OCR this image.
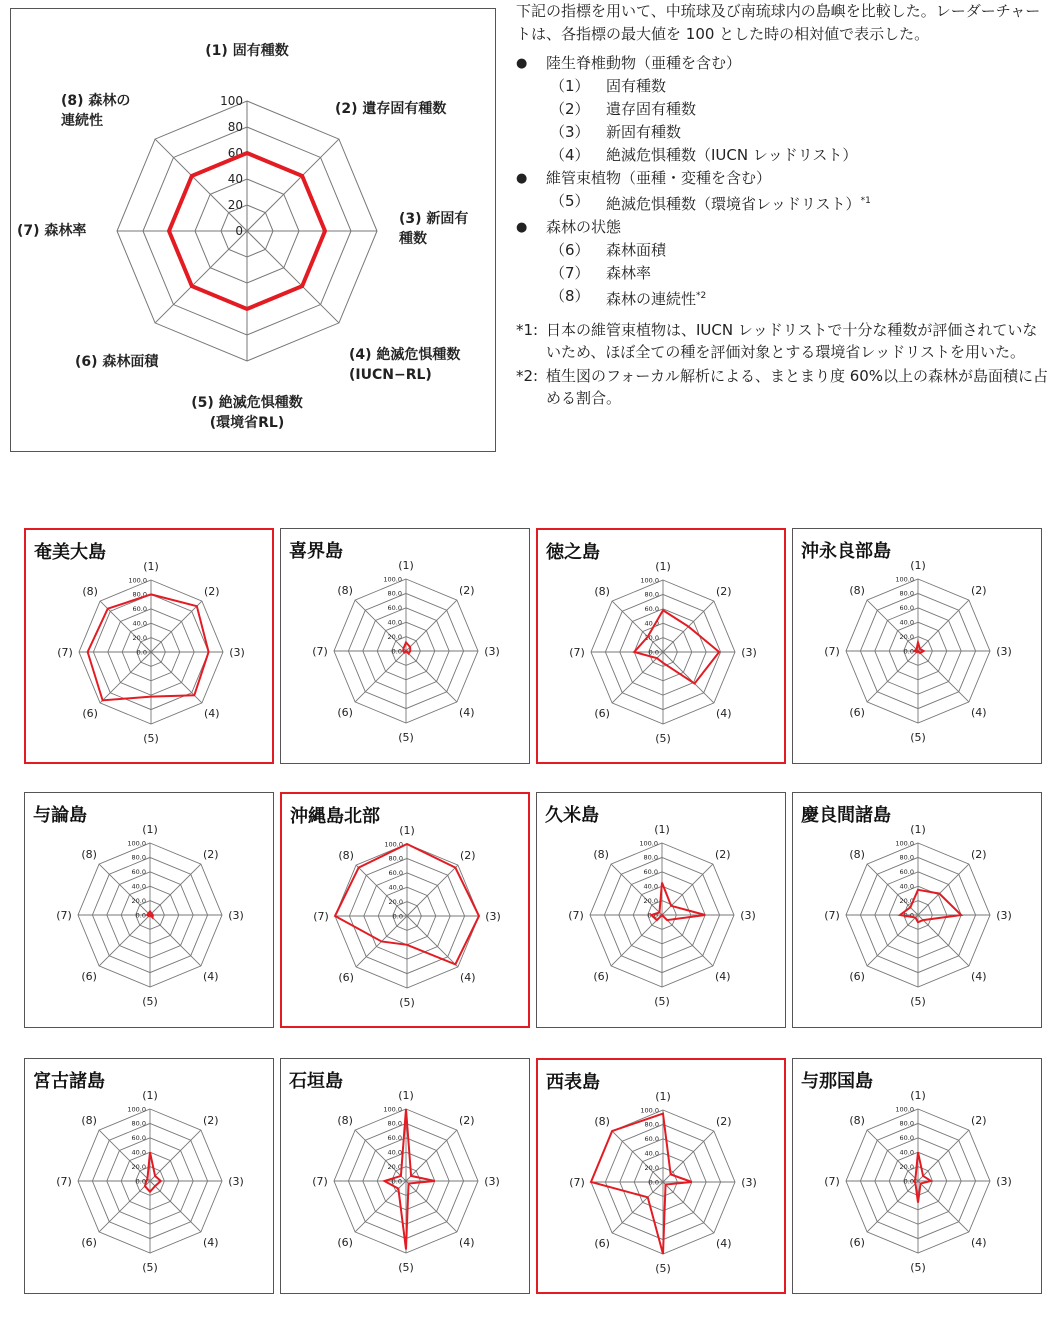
0
20
40
60
80
100
(1) 固有種数
(2) 遺存固有種数
(3) 新固有
種数
(4) 絶滅危惧種数
(IUCN−RL)
(5) 絶滅危惧種数
(環境省RL)
(6) 森林面積
(7) 森林率
(8) 森林の
連続性

下記の指標を用いて、中琉球及び南琉球内の島嶼を比較した。レーダーチャートは、各指標の最大値を 100 とした時の相対値で表示した。

● 陸生脊椎動物（亜種を含む）
（1）	固有種数
（2）	遺存固有種数
（3）	新固有種数
（4）	絶滅危惧種数（IUCN レッドリスト）
● 維管束植物（亜種・変種を含む）
（5）	絶滅危惧種数（環境省レッドリスト）$^{*1}$
● 森林の状態
（6）	森林面積
（7）	森林率
（8）	森林の連続性$^{*2}$
*1: 日本の維管束植物は、IUCN レッドリストで十分な種数が評価されていないため、ほぼ全ての種を評価対象とする環境省レッドリストを用いた。
*2: 植生図のフォーカル解析による、まとまり度 60%以上の森林が島面積に占める割合。
0.0
20.0
40.0
60.0
80.0
100.0
(1)
(2)
(3)
(4)
(5)
(6)
(7)
(8)
奄美大島
0.0
20.0
40.0
60.0
80.0
100.0
(1)
(2)
(3)
(4)
(5)
(6)
(7)
(8)
喜界島
0.0
20.0
40.0
60.0
80.0
100.0
(1)
(2)
(3)
(4)
(5)
(6)
(7)
(8)
徳之島
0.0
20.0
40.0
60.0
80.0
100.0
(1)
(2)
(3)
(4)
(5)
(6)
(7)
(8)
沖永良部島
0.0
20.0
40.0
60.0
80.0
100.0
(1)
(2)
(3)
(4)
(5)
(6)
(7)
(8)
与論島
0.0
20.0
40.0
60.0
80.0
100.0
(1)
(2)
(3)
(4)
(5)
(6)
(7)
(8)
沖縄島北部
0.0
20.0
40.0
60.0
80.0
100.0
(1)
(2)
(3)
(4)
(5)
(6)
(7)
(8)
久米島
0.0
20.0
40.0
60.0
80.0
100.0
(1)
(2)
(3)
(4)
(5)
(6)
(7)
(8)
慶良間諸島
0.0
20.0
40.0
60.0
80.0
100.0
(1)
(2)
(3)
(4)
(5)
(6)
(7)
(8)
宮古諸島
0.0
20.0
40.0
60.0
80.0
100.0
(1)
(2)
(3)
(4)
(5)
(6)
(7)
(8)
石垣島
0.0
20.0
40.0
60.0
80.0
100.0
(1)
(2)
(3)
(4)
(5)
(6)
(7)
(8)
西表島
0.0
20.0
40.0
60.0
80.0
100.0
(1)
(2)
(3)
(4)
(5)
(6)
(7)
(8)
与那国島
